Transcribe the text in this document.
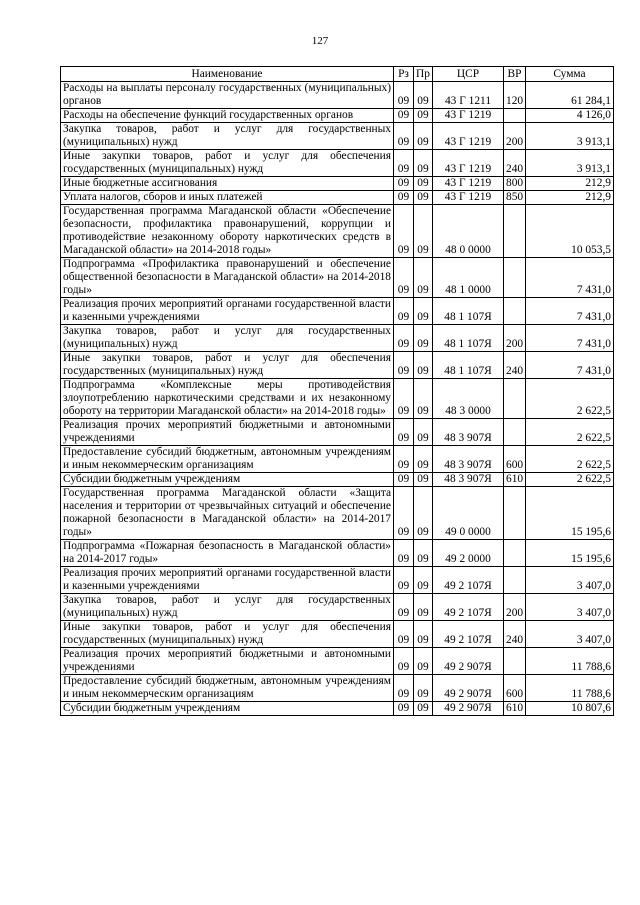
127
Наименование	Рз	Пр	ЦСР	ВР	Сумма
Расходы на выплаты персоналу государственных (муниципальных) органов	09	09	43 Г 1211	120	61 284,1
Расходы на обеспечение функций государственных органов	09	09	43 Г 1219		4 126,0
Закупка товаров, работ и услуг для государственных (муниципальных) нужд	09	09	43 Г 1219	200	3 913,1
Иные закупки товаров, работ и услуг для обеспечения государственных (муниципальных) нужд	09	09	43 Г 1219	240	3 913,1
Иные бюджетные ассигнования	09	09	43 Г 1219	800	212,9
Уплата налогов, сборов и иных платежей	09	09	43 Г 1219	850	212,9
Государственная программа Магаданской области «Обеспечение безопасности, профилактика правонарушений, коррупции и противодействие незаконному обороту наркотических средств в Магаданской области» на 2014-2018 годы»	09	09	48 0 0000		10 053,5
Подпрограмма «Профилактика правонарушений и обеспечение общественной безопасности в Магаданской области» на 2014-2018 годы»	09	09	48 1 0000		7 431,0
Реализация прочих мероприятий органами государственной власти и казенными учреждениями	09	09	48 1 107Я		7 431,0
Закупка товаров, работ и услуг для государственных (муниципальных) нужд	09	09	48 1 107Я	200	7 431,0
Иные закупки товаров, работ и услуг для обеспечения государственных (муниципальных) нужд	09	09	48 1 107Я	240	7 431,0
Подпрограмма «Комплексные меры противодействия злоупотреблению наркотическими средствами и их незаконному обороту на территории Магаданской области» на 2014-2018 годы»	09	09	48 3 0000		2 622,5
Реализация прочих мероприятий бюджетными и автономными учреждениями	09	09	48 3 907Я		2 622,5
Предоставление субсидий бюджетным, автономным учреждениям и иным некоммерческим организациям	09	09	48 3 907Я	600	2 622,5
Субсидии бюджетным учреждениям	09	09	48 3 907Я	610	2 622,5
Государственная программа Магаданской области «Защита населения и территории от чрезвычайных ситуаций и обеспечение пожарной безопасности в Магаданской области» на 2014-2017 годы»	09	09	49 0 0000		15 195,6
Подпрограмма «Пожарная безопасность в Магаданской области» на 2014-2017 годы»	09	09	49 2 0000		15 195,6
Реализация прочих мероприятий органами государственной власти и казенными учреждениями	09	09	49 2 107Я		3 407,0
Закупка товаров, работ и услуг для государственных (муниципальных) нужд	09	09	49 2 107Я	200	3 407,0
Иные закупки товаров, работ и услуг для обеспечения государственных (муниципальных) нужд	09	09	49 2 107Я	240	3 407,0
Реализация прочих мероприятий бюджетными и автономными учреждениями	09	09	49 2 907Я		11 788,6
Предоставление субсидий бюджетным, автономным учреждениям и иным некоммерческим организациям	09	09	49 2 907Я	600	11 788,6
Субсидии бюджетным учреждениям	09	09	49 2 907Я	610	10 807,6
